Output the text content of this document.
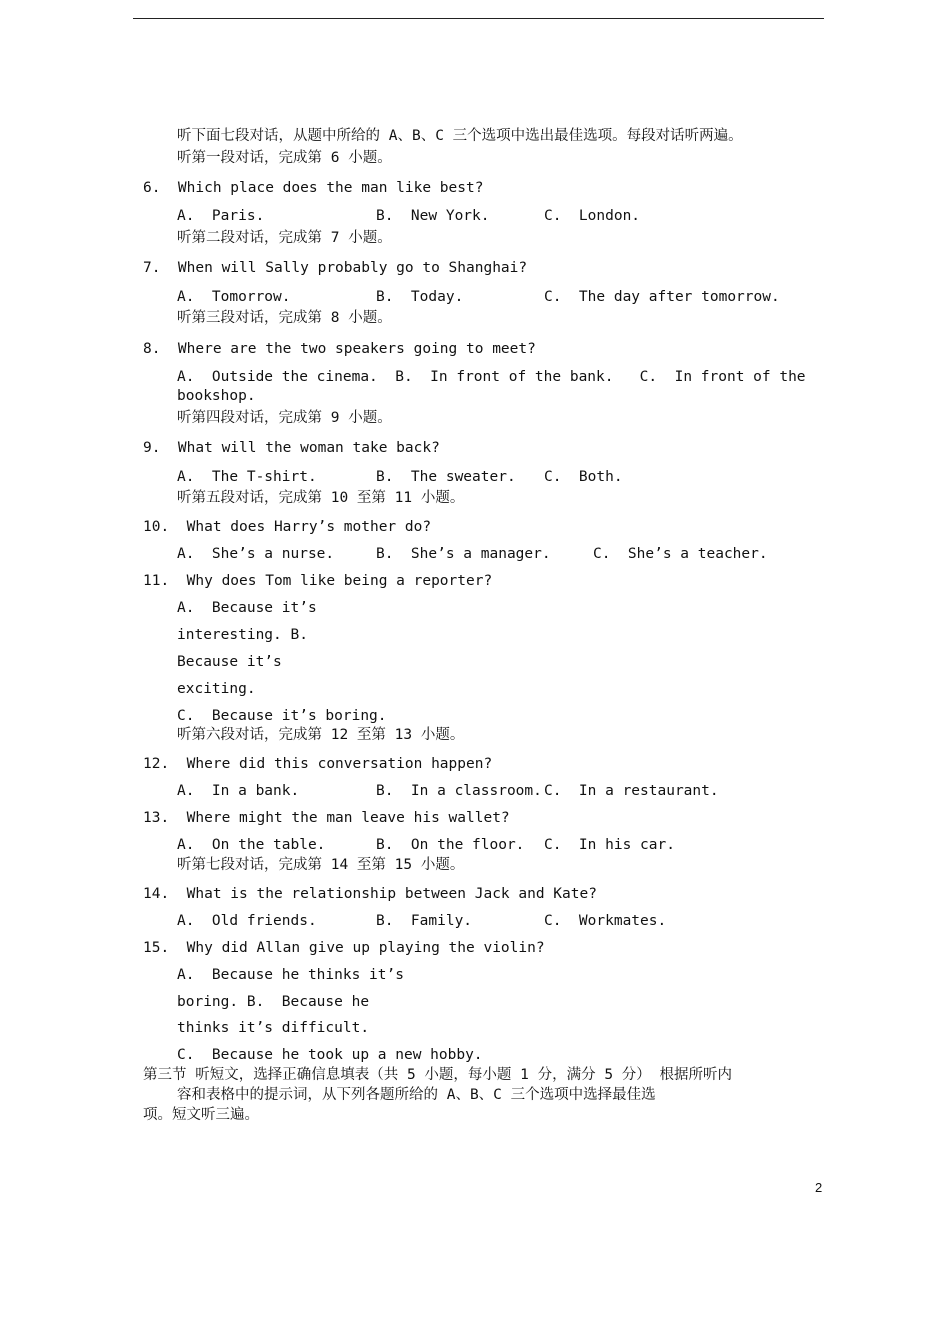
听下面七段对话，从题中所给的 A、B、C 三个选项中选出最佳选项。每段对话听两遍。
听第一段对话，完成第 6 小题。
6.  Which place does the man like best?
A.  Paris.	B.  New York.	C.  London.
听第二段对话，完成第 7 小题。
7.  When will Sally probably go to Shanghai?
A.  Tomorrow.	B.  Today.	C.  The day after tomorrow.
听第三段对话，完成第 8 小题。
8.  Where are the two speakers going to meet?
A.  Outside the cinema.  B.  In front of the bank.   C.  In front of the
bookshop.
听第四段对话，完成第 9 小题。
9.  What will the woman take back?
A.  The T-shirt.	B.  The sweater. C.  Both.
听第五段对话，完成第 10 至第 11 小题。
10.  What does Harry’s mother do?
A.  She’s a nurse.	B.  She’s a manager.	C.  She’s a teacher.
11.  Why does Tom like being a reporter?
A.  Because it’s
interesting. B.
Because it’s
exciting.
C.  Because it’s boring.
听第六段对话，完成第 12 至第 13 小题。
12.  Where did this conversation happen?
A.  In a bank.	B.  In a classroom. C.  In a restaurant.
13.  Where might the man leave his wallet?
A.  On the table.	B.  On the floor. C.  In his car.
听第七段对话，完成第 14 至第 15 小题。
14.  What is the relationship between Jack and Kate?
A.  Old friends.	B.  Family.	C.  Workmates.
15.  Why did Allan give up playing the violin?
A.  Because he thinks it’s
boring. B.  Because he
thinks it’s difficult.
C.  Because he took up a new hobby.
第三节 听短文，选择正确信息填表（共 5 小题，每小题 1 分，满分 5 分） 根据所听内
容和表格中的提示词，从下列各题所给的 A、B、C 三个选项中选择最佳选
项。短文听三遍。
2
